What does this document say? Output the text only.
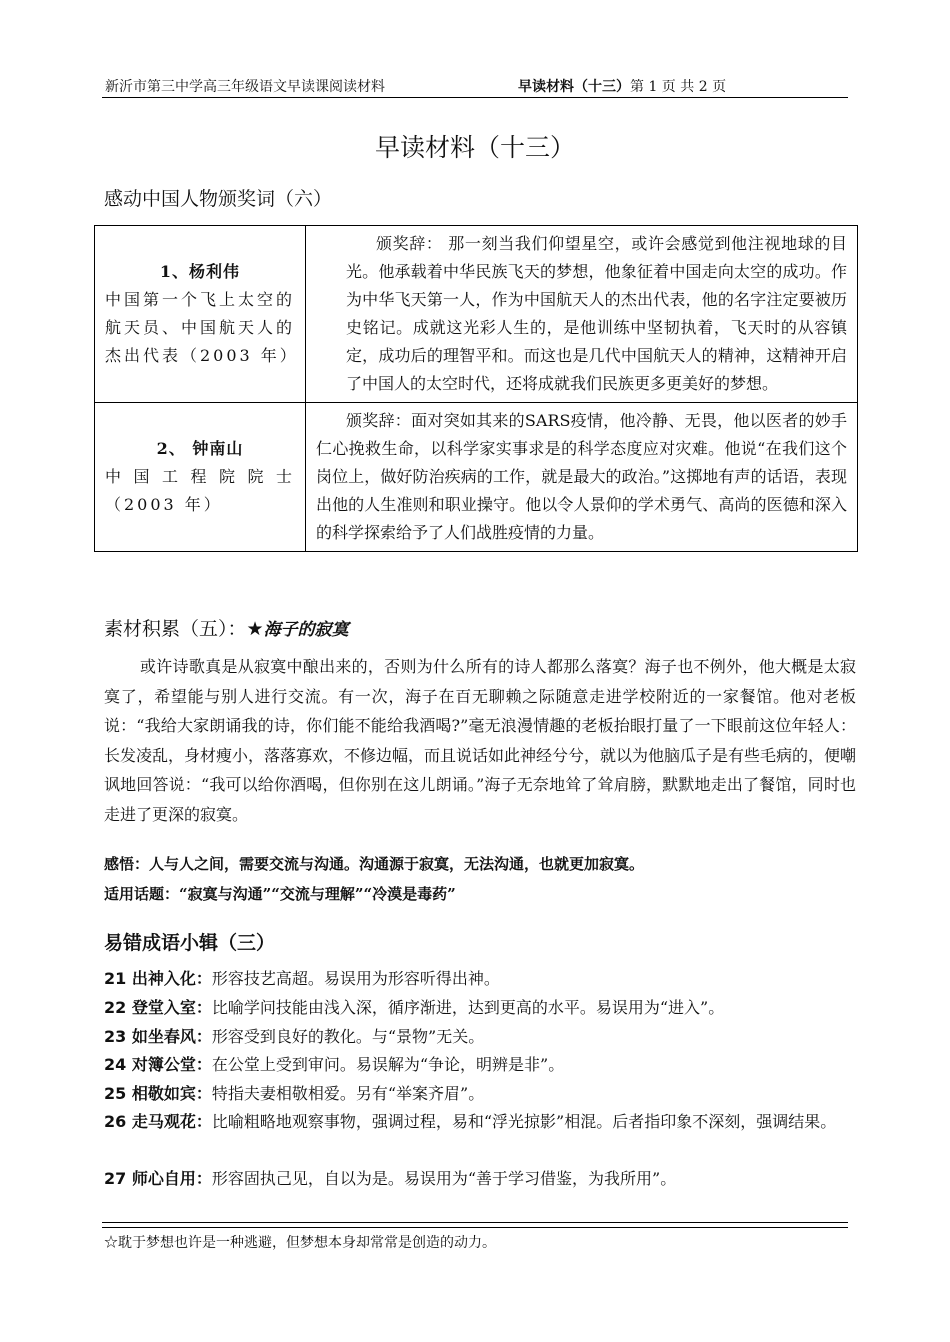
新沂市第三中学高三年级语文早读课阅读材料	早读材料（十三）第 1 页 共 2 页
早读材料（十三）
感动中国人物颁奖词（六）
1、杨利伟
中国第一个飞上太空的航天员、中国航天人的杰出代表（2003 年）	颁奖辞： 那一刻当我们仰望星空，或许会感觉到他注视地球的目光。他承载着中华民族飞天的梦想，他象征着中国走向太空的成功。作为中华飞天第一人，作为中国航天人的杰出代表，他的名字注定要被历史铭记。成就这光彩人生的，是他训练中坚韧执着，飞天时的从容镇定，成功后的理智平和。而这也是几代中国航天人的精神，这精神开启了中国人的太空时代，还将成就我们民族更多更美好的梦想。

2、 钟南山
中国工程院院士（2003 年）	颁奖辞：面对突如其来的SARS疫情，他冷静、无畏，他以医者的妙手仁心挽救生命，以科学家实事求是的科学态度应对灾难。他说“在我们这个岗位上，做好防治疾病的工作，就是最大的政治。”这掷地有声的话语，表现出他的人生准则和职业操守。他以令人景仰的学术勇气、高尚的医德和深入的科学探索给予了人们战胜疫情的力量。
素材积累（五）：★海子的寂寞
或许诗歌真是从寂寞中酿出来的，否则为什么所有的诗人都那么落寞？海子也不例外，他大概是太寂寞了，希望能与别人进行交流。有一次，海子在百无聊赖之际随意走进学校附近的一家餐馆。他对老板说：“我给大家朗诵我的诗，你们能不能给我酒喝?”毫无浪漫情趣的老板抬眼打量了一下眼前这位年轻人：长发凌乱，身材瘦小，落落寡欢，不修边幅，而且说话如此神经兮兮，就以为他脑瓜子是有些毛病的，便嘲讽地回答说：“我可以给你酒喝，但你别在这儿朗诵。”海子无奈地耸了耸肩膀，默默地走出了餐馆，同时也走进了更深的寂寞。
感悟：人与人之间，需要交流与沟通。沟通源于寂寞，无法沟通，也就更加寂寞。
适用话题：“寂寞与沟通”“交流与理解”“冷漠是毒药”
易错成语小辑（三）
21 出神入化：形容技艺高超。易误用为形容听得出神。
22 登堂入室：比喻学问技能由浅入深，循序渐进，达到更高的水平。易误用为“进入”。
23 如坐春风：形容受到良好的教化。与“景物”无关。
24 对簿公堂：在公堂上受到审问。易误解为“争论，明辨是非”。
25 相敬如宾：特指夫妻相敬相爱。另有“举案齐眉”。
26 走马观花：比喻粗略地观察事物，强调过程，易和“浮光掠影”相混。后者指印象不深刻，强调结果。
27 师心自用：形容固执己见，自以为是。易误用为“善于学习借鉴，为我所用”。
☆耽于梦想也许是一种逃避，但梦想本身却常常是创造的动力。
